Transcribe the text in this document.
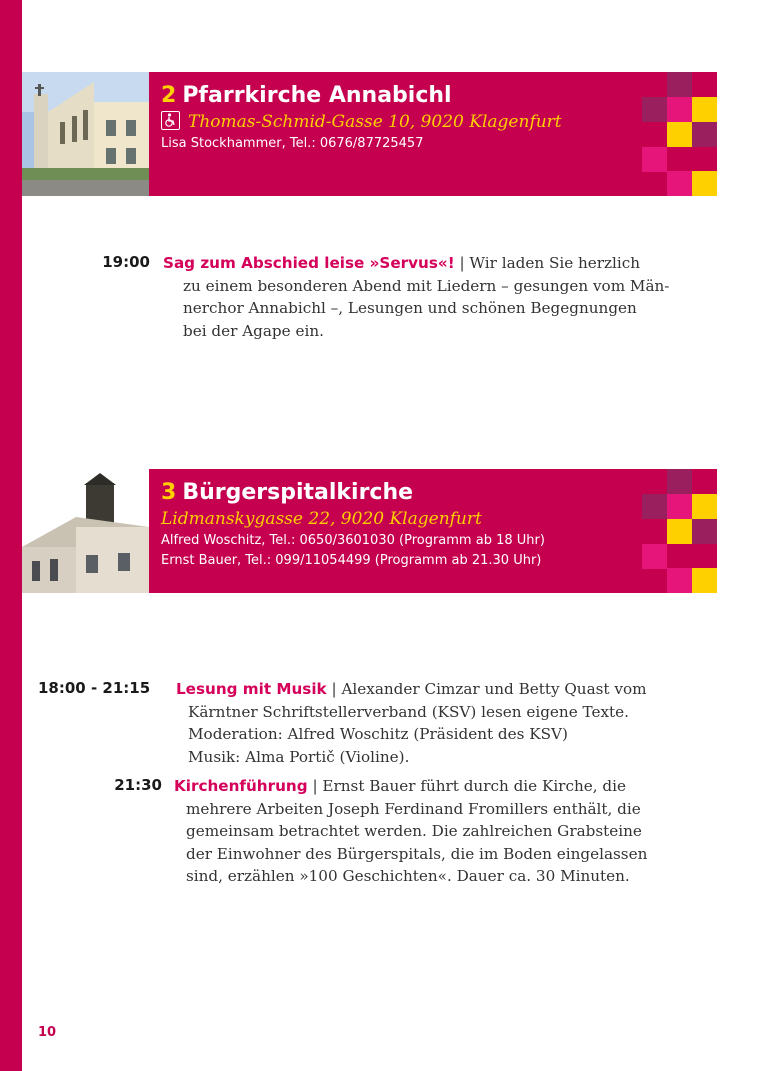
2 Pfarrkirche Annabichl
Thomas-Schmid-Gasse 10, 9020 Klagenfurt
Lisa Stockhammer, Tel.: 0676/87725457
19:00 Sag zum Abschied leise »Servus«! | Wir laden Sie herzlich
zu einem besonderen Abend mit Liedern – gesungen vom Män-
nerchor Annabichl –, Lesungen und schönen Begegnungen
bei der Agape ein.
3 Bürgerspitalkirche
Lidmanskygasse 22, 9020 Klagenfurt
Alfred Woschitz, Tel.: 0650/3601030 (Programm ab 18 Uhr)
Ernst Bauer, Tel.: 099/11054499 (Programm ab 21.30 Uhr)
18:00 - 21:15	Lesung mit Musik | Alexander Cimzar und Betty Quast vom
Kärntner Schriftstellerverband (KSV) lesen eigene Texte.
Moderation: Alfred Woschitz (Präsident des KSV)
Musik: Alma Portič (Violine).
21:30 Kirchenführung | Ernst Bauer führt durch die Kirche, die
mehrere Arbeiten Joseph Ferdinand Fromillers enthält, die
gemeinsam betrachtet werden. Die zahlreichen Grabsteine
der Einwohner des Bürgerspitals, die im Boden eingelassen
sind, erzählen »100 Geschichten«. Dauer ca. 30 Minuten.
10
